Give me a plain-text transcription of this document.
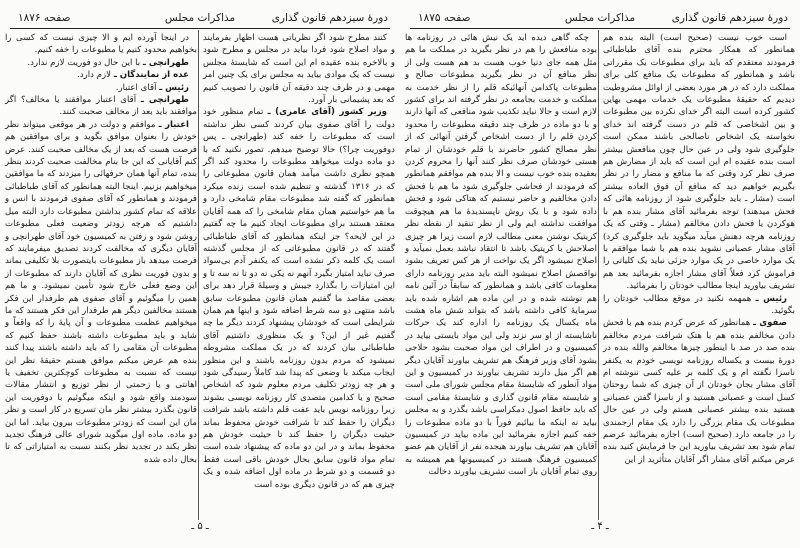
دورهٔ سیزدهم قانون گذاری
مذاکرات مجلس
صفحه ۱۸۷۶

کنند مطرح شود اگر نظریاتی هست اظهار بفرمایند و مواد اصلاح شود فردا بیاید در مجلس و مطرح شود و بالاخره بنده عقیده ام این است که شایستهٔ مجلس نیست که یک موادی بیاید به مجلس برای یک چنین امر مهمی و در ظرف چند دقیقه آن قانون را تصویب کنیم که بعد پشیمانی بار آورد.

وزیر کشور (آقای عامری) ـ تمام منظور خود دولت را آقای صفوی بیان کردند کسی نظر نداشته است که مطبوعات را خفه کند (طهرانچی ـ پس دوفوریت چرا؟) حالا توضیح میدهم. تصور نکنید که با دو ماده دولت میخواهد مطبوعات را محدود کند اگر همچو نظری داشت میآمد همان قانون مطبوعاتی را که در ۱۳۱۶ گذشته و تنظیم شده است زنده میکرد همانطور که گفته شد مطبوعات مقام شامخی دارد و ما هم خواستیم همان مقام شامخی را که همه آقایان معتقد هستند برای مطبوعات ایجاد کنیم ما چه گفتیم در این لایحه؟ جز اینکه همانطور که آقای طباطبائی گفتند که در قانون مطبوعاتی که از مجلس گذشته است یک کلمه ذکر نشده است که یکنفر آدم بی‌سواد صرف نباید امتیاز بگیرد آنهم نه یکی نه دو تا نه سه تا و این امتیازات را بگذارد جیبش و وسیلهٔ قرار دهد برای بعضی مقاصد ما گفتیم همان قانون مطبوعات سابق باشد منتهی دو سه شرط اضافه شود و اینها هم همان شرایطی است که خودشان پیشنهاد کردند دیگر ما چه گفتیم غیر از این؟ و یک منظوری داشتیم آقای طباطبائی بیان کردند که در یک مملکت مشروطه نمیشود که مردم بدون روزنامه باشند و این منظور ایجاب میکند با وضعی که پیدا شد کاملاً رسیدگی شود و هر چه زودتر تکلیف مردم معلوم شود که اشخاص صحیح و یا کدامین متصدی کار روزنامه نویسی بشوند زیرا روزنامه نویس باید عفت قلم داشته باشد شرافت دیگران را حفظ کند تا شرافت خودش محفوظ بماند حیثیت دیگران را حفظ کند تا حیثیت خودش هم محفوظ بماند و در این دو ماده که پیشنهاد شده است تمام مواد قانون سابق بحال خودش باقی است فقط دو قسمت و دو شرط در ماده اول اضافه شده و یک چیزی هم که در قانون دیگری بوده است

در اینجا آورده ایم و الا چیزی نیست که کسی را بخواهیم محدود کنیم یا مطبوعات را خفه کنیم.

طهرانچی ـ با این حال دو فوریت لازم ندارد.

عده از نمایندگان ـ لازم دارد.

رئیس ـ آقای اعتبار.

طهرانچی ـ آقای اعتبار موافقند یا مخالف؟ اگر موافقند باید بعد از مخالف صحبت کنند.

اعتبار ـ موافقم و دولت در هر موقعی میتواند نظر خودش را بعنوان موافق بگوید و برای موافقین هم فرصت هست که بعد از یک مخالف صحبت کنند. عرض کنم آقایانی که این جا بنام مخالفت صحبت کردند بنظر بنده، تمام آنها همان حرفهائی را میزدند که ما موافقین میخواهیم بزنیم. اینجا البته همانطور که آقای طباطبائی فرمودند و همانطور که آقای صفوی فرمودند با انس و علاقه که تمام کشور بداشتن مطبوعات دارد البته میل داشتیم که هرچه زودتر وضعیت فعلی مطبوعات روشن شود و رفتن به کمیسیون خود آقای طهرانچی و آقایان دیگری که مخالفت کردند تصدیق میفرمایند که فرصت میدهد باز مطبوعات بایتصورت بلا تکلیفی بماند و بدون فوریت نظری که آقایان دارند که مطبوعات از این وضع فعلی خارج شود تأمین نمیشود. و ما هم همین را میگوئیم و آقای صفوی هم طرفدار این فکر هستند مخالفین دیگر هم طرفدار این فکر هستند که ما میخواهیم عظمت مطبوعات و آن پایهٔ را که واقعاً و شاید و باید مطبوعات داشته باشند حفظ کنیم که مطبوعات آن مقامی را که باید داشته باشند پیدا کنند بنده هم عرض میکنم موافق هستم حقیقهٔ نظر این نیست که نسبت به مطبوعات کوچکترین تخفیف یا اهانتی و یا زحمتی از نظر توزیع و انتشار مقالات سودمند واقع شود و اینکه میگوئیم با دوفوریت این قانون بگذرد بیشتر نظر مان تسریع در کار است و نظر مان این است که زودتر مطبوعات بیرون بیاید. اما این دو ماده. ماده اول میگوید شورای عالی فرهنگ تجدید نظر بکند در تجدید نظر بکنند نسبت به امتیازاتی که تا بحال داده شده

ـ ۵ ـ
دورهٔ سیزدهم قانون گذاری
مذاکرات مجلس
صفحه ۱۸۷۵

است خوب نیست (صحیح است) البته بنده هم همانطور که همکار محترم بنده آقای طباطبائی فرمودند معتقدم که باید برای مطبوعات یک مقرراتی باشد و همانطور که مطبوعات یک منافع کلی برای مملکت دارد که در هر مورد بعضی از اوائل مشروطیت دیدیم که حقیقهٔ مطبوعات یک خدمات مهمی بهاین کشور کرده است البته اگر خدای نکرده بین مطبوعات و بین اشخاصی که قلم در دست گرفته اند خدای نخواسته یک اشخاص ناصالحی باشند ممکن است جلوگیری شود ولی در عین حال چون منافعش بیشتر است بنده عقیده ام این است که باید از مضارش هم صرف نظر کرد وقتی که ما منافع و مضار را در نظر بگیریم خواهیم دید که منافع آن فوق العاده بیشتر است (مشار ـ باید جلوگیری شود از روزنامه هائی که فحش میدهند) توجه بفرمائید آقای مشار بنده هم با هوکردن یا فحش دادن مخالفم (مشار ـ وقتی که یک روزنامه هرچه دهنش میآید میگوید باید جلوگیری کرد) آقای مشار عصبانی نشوید بنده هم با شما موافقم با یک موارد خاصی در یک موارد جزئی نباید یک کلیاتی را فراموش کرد فعلاً آقای مشار اجازه بفرمائید بعد هم تشریف بیاورید اینجا مطالب خودتان را بفرمائید.

رئیس ـ همهمه نکنید در موقع مطالب خودتان را بگوئید.

صفوی ـ همانطور که عرض کردم بنده هم با فحش دادن مخالفم بنده هم با هتک شرافت مردم مخالفم بنده صد در صد با اینطور چیزها مخالفم والله بنده در دورهٔ بیست و یکساله روزنامه نویسی خودم به یکنفر ناسزا نگفته ام و یک کلمه بر علیه کسی ننوشته ام آقای مشار بجان خودتان از آن چیزی که شما روحتان کسل است و عصبانی هستید و از ناسزا گفتن عصبانی هستید بنده بیشتر عصبانی هستم ولی در عین حال مطبوعات یک مقام بزرگی را دارد یک مقام ارجمندی را در جامعه دارد (صحیح است) اجازه بفرمائید عرضم تمام شود بعد تشریف بیاورید این جا فرمایش کنید بنده عرض میکنم آقای مشار اگر آقایان متأثرید از این

چکه گاهی دیده اید یک نیش هائی در روزنامه ها بوده منافعش را هم در نظر بگیرید در مملکت ما هم مثل همه جای دنیا خوب هست بد هم هست ولی از نظر منافع آن در نظر بگیرید مطبوعات صالح و مطبوعات پاکدامن آنهائیکه قلم را از نظر خدمت به مملکت و خدمت بجامعه در نظر گرفته اند برای کشور لازم است و حالا نباید تکذیب شود منافعی که آنها دارند و با دو ماده در ظرف چند دقیقه مطبوعات را محدود کردن قلم را از دست اشخاص گرفتن آنهائی که از نظر مصالح کشور حاضرند با قلم خودشان از تمام هستی خودشان صرف نظر کنند آنها را محروم کردن بعقیده بنده خوب نیست و الا بنده هم موافقم همانطور که فرمودند از فحاشی جلوگیری شود ما هم با فحش دادن مخالفیم و حاضر نیستیم که هتاکی شود و فحش داده شود و با یک روش ناپسندیدهٔ ما هم هیچوقت موافقت نداشته ایم ولی از نظر تنقید از نقطه نظر کریتیک نوشتن معنی مطالب لازم است زیرا هر چیزی اصلاحش با کریتیک باشد تا انتقاد نباشد بعمل نمیآید و اصلاح نمیشود اگر یک نواخت از هر کس تعریف بشود نواقصش اصلاح نمیشود البته باید مدیر روزنامه دارای معلومات کافی باشد و همانطور که سابقاً در آئین نامه هم نوشته شده و در این ماده هم اشاره شده باید سرمایهٔ کافی داشته باشد که بتواند شش ماه هشت ماه یکسال یک روزنامه را اداره کند یک حرکات ناشایسته از او سر نزند ولی این مواد بایستی بیاید در کمیسیون و در اطراف این مواد صحبت بشود حلاجی بشود آقای وزیر فرهنگ هم تشریف بیاورند آقایان دیگر هم اگر میل دارند تشریف بیاورند در کمیسیون و این مواد آنطور که شایستهٔ مقام مجلس شورای ملی است و شایسته مقام قانون گذاری و شایستهٔ مقامی است که باید حافظ اصول دمکراسی باشد بگذرد و به مجلس بیاید نه اینکه ما بیائیم فوراً با دو ماده مطبوعات را خفه کنیم اجازه بفرمائید این ماده بیاید در کمیسیون آقایان هم تشریف بیاورند هیجده نفر از آقایان هم عضو کمیسیون فرهنگ هستند در کمیسیونها هم همیشه به روی تمام آقایان باز است تشریف بیاورند دخالت

ـ ۴ ـ
